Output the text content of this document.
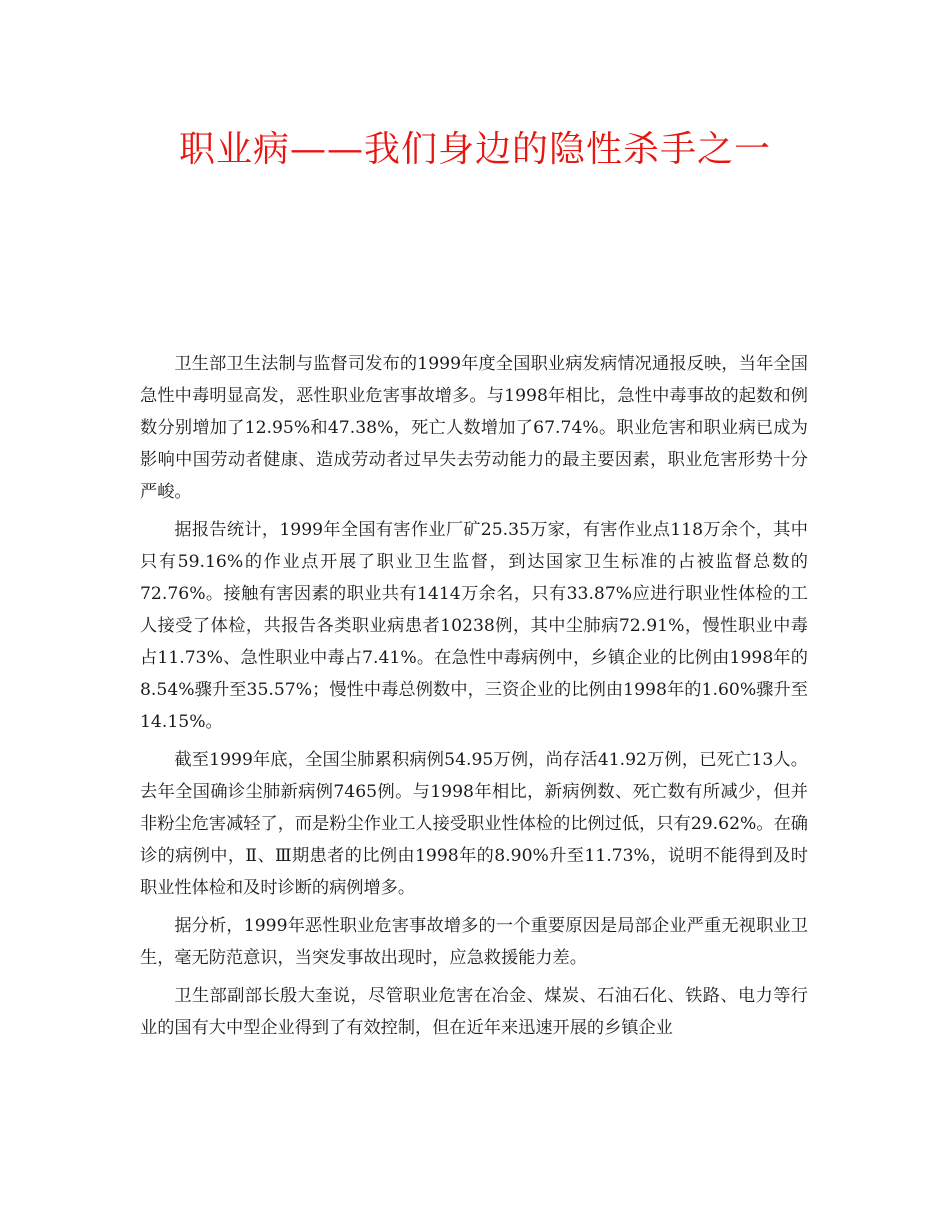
职业病——我们身边的隐性杀手之一

卫生部卫生法制与监督司发布的1999年度全国职业病发病情况通报反映，当年全国急性中毒明显高发，恶性职业危害事故增多。与1998年相比，急性中毒事故的起数和例数分别增加了12.95%和47.38%，死亡人数增加了67.74%。职业危害和职业病已成为影响中国劳动者健康、造成劳动者过早失去劳动能力的最主要因素，职业危害形势十分严峻。

据报告统计，1999年全国有害作业厂矿25.35万家，有害作业点118万余个，其中只有59.16%的作业点开展了职业卫生监督，到达国家卫生标准的占被监督总数的72.76%。接触有害因素的职业共有1414万余名，只有33.87%应进行职业性体检的工人接受了体检，共报告各类职业病患者10238例，其中尘肺病72.91%，慢性职业中毒占11.73%、急性职业中毒占7.41%。在急性中毒病例中，乡镇企业的比例由1998年的8.54%骤升至35.57%；慢性中毒总例数中，三资企业的比例由1998年的1.60%骤升至14.15%。

截至1999年底，全国尘肺累积病例54.95万例，尚存活41.92万例，已死亡13人。去年全国确诊尘肺新病例7465例。与1998年相比，新病例数、死亡数有所减少，但并非粉尘危害减轻了，而是粉尘作业工人接受职业性体检的比例过低，只有29.62%。在确诊的病例中，Ⅱ、Ⅲ期患者的比例由1998年的8.90%升至11.73%，说明不能得到及时职业性体检和及时诊断的病例增多。

据分析，1999年恶性职业危害事故增多的一个重要原因是局部企业严重无视职业卫生，毫无防范意识，当突发事故出现时，应急救援能力差。

卫生部副部长殷大奎说，尽管职业危害在冶金、煤炭、石油石化、铁路、电力等行业的国有大中型企业得到了有效控制，但在近年来迅速开展的乡镇企业
